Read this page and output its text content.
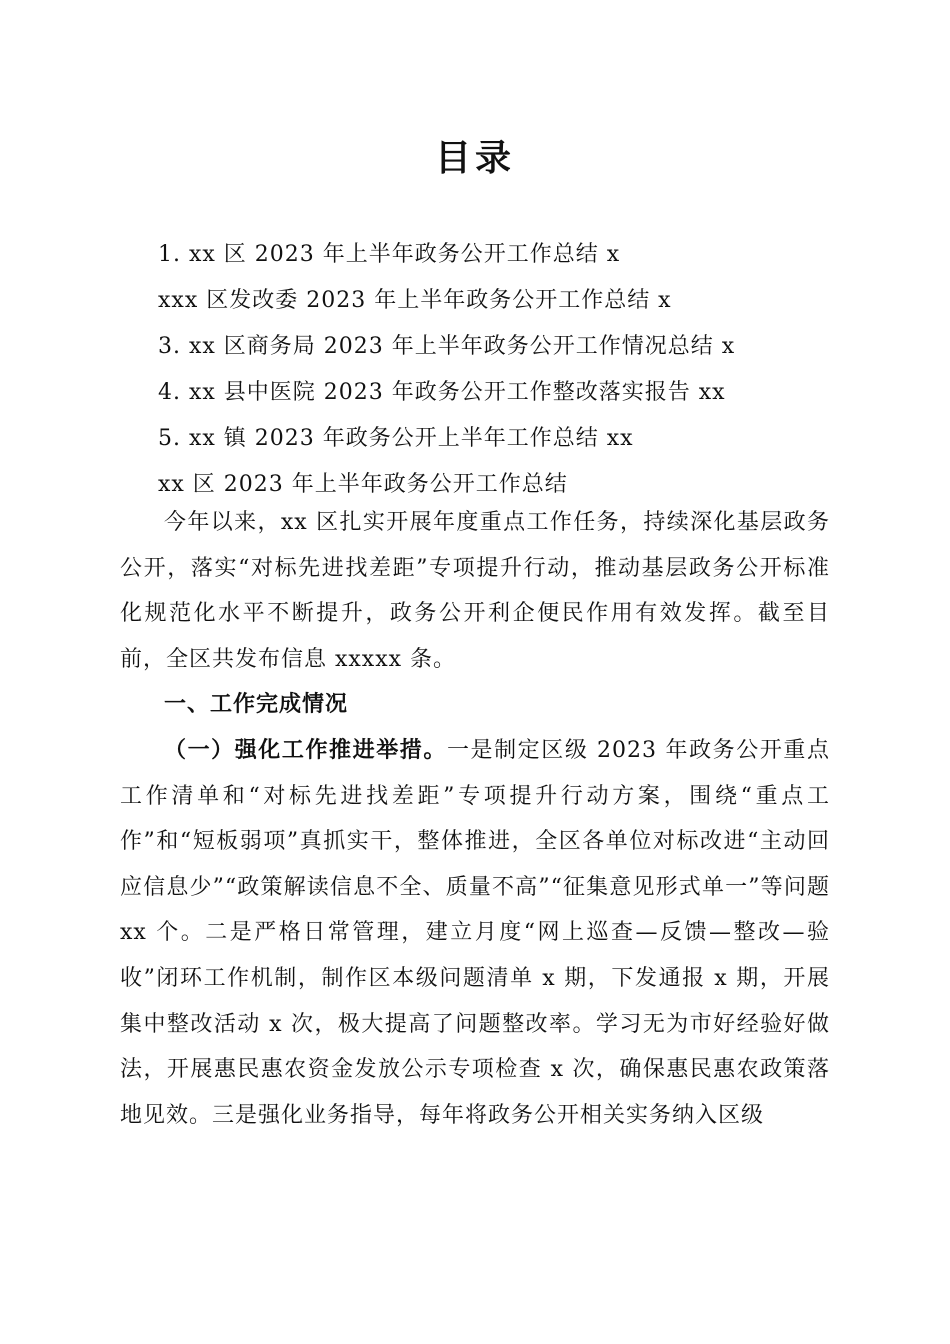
目录
1. xx 区 2023 年上半年政务公开工作总结 x
xxx 区发改委 2023 年上半年政务公开工作总结 x
3. xx 区商务局 2023 年上半年政务公开工作情况总结 x
4. xx 县中医院 2023 年政务公开工作整改落实报告 xx
5. xx 镇 2023 年政务公开上半年工作总结 xx
xx 区 2023 年上半年政务公开工作总结

今年以来，xx 区扎实开展年度重点工作任务，持续深化基层政务公开，落实“对标先进找差距”专项提升行动，推动基层政务公开标准化规范化水平不断提升，政务公开利企便民作用有效发挥。截至目前，全区共发布信息 xxxxx 条。

一、工作完成情况

（一）强化工作推进举措。一是制定区级 2023 年政务公开重点工作清单和“对标先进找差距”专项提升行动方案，围绕“重点工作”和“短板弱项”真抓实干，整体推进，全区各单位对标改进“主动回应信息少”“政策解读信息不全、质量不高”“征集意见形式单一”等问题 xx 个。二是严格日常管理，建立月度“网上巡查—反馈—整改—验收”闭环工作机制，制作区本级问题清单 x 期，下发通报 x 期，开展集中整改活动 x 次，极大提高了问题整改率。学习无为市好经验好做法，开展惠民惠农资金发放公示专项检查 x 次，确保惠民惠农政策落地见效。三是强化业务指导，每年将政务公开相关实务纳入区级
